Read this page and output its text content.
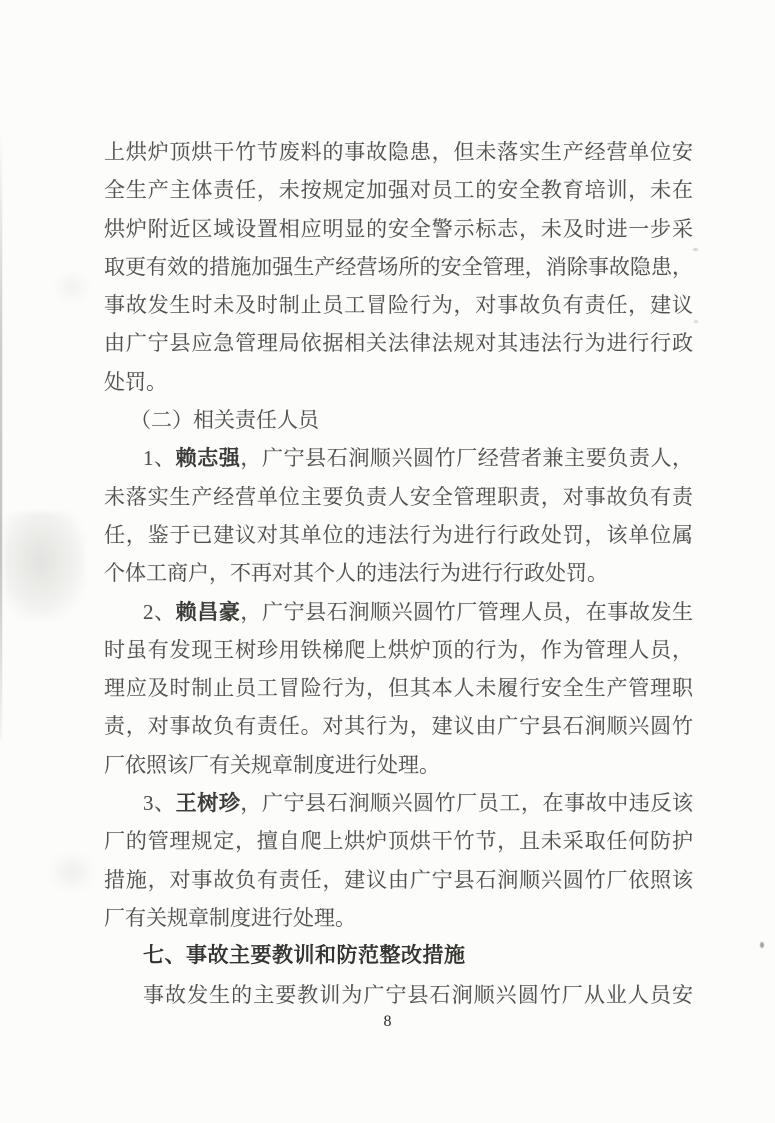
上烘炉顶烘干竹节废料的事故隐患，但未落实生产经营单位安
全生产主体责任，未按规定加强对员工的安全教育培训，未在
烘炉附近区域设置相应明显的安全警示标志，未及时进一步采
取更有效的措施加强生产经营场所的安全管理，消除事故隐患，
事故发生时未及时制止员工冒险行为，对事故负有责任，建议
由广宁县应急管理局依据相关法律法规对其违法行为进行行政
处罚。
（二）相关责任人员
1、赖志强，广宁县石涧顺兴圆竹厂经营者兼主要负责人，
未落实生产经营单位主要负责人安全管理职责，对事故负有责
任，鉴于已建议对其单位的违法行为进行行政处罚，该单位属
个体工商户，不再对其个人的违法行为进行行政处罚。
2、赖昌豪，广宁县石涧顺兴圆竹厂管理人员，在事故发生
时虽有发现王树珍用铁梯爬上烘炉顶的行为，作为管理人员，
理应及时制止员工冒险行为，但其本人未履行安全生产管理职
责，对事故负有责任。对其行为，建议由广宁县石涧顺兴圆竹
厂依照该厂有关规章制度进行处理。
3、王树珍，广宁县石涧顺兴圆竹厂员工，在事故中违反该
厂的管理规定，擅自爬上烘炉顶烘干竹节，且未采取任何防护
措施，对事故负有责任，建议由广宁县石涧顺兴圆竹厂依照该
厂有关规章制度进行处理。
七、事故主要教训和防范整改措施
事故发生的主要教训为广宁县石涧顺兴圆竹厂从业人员安
8
